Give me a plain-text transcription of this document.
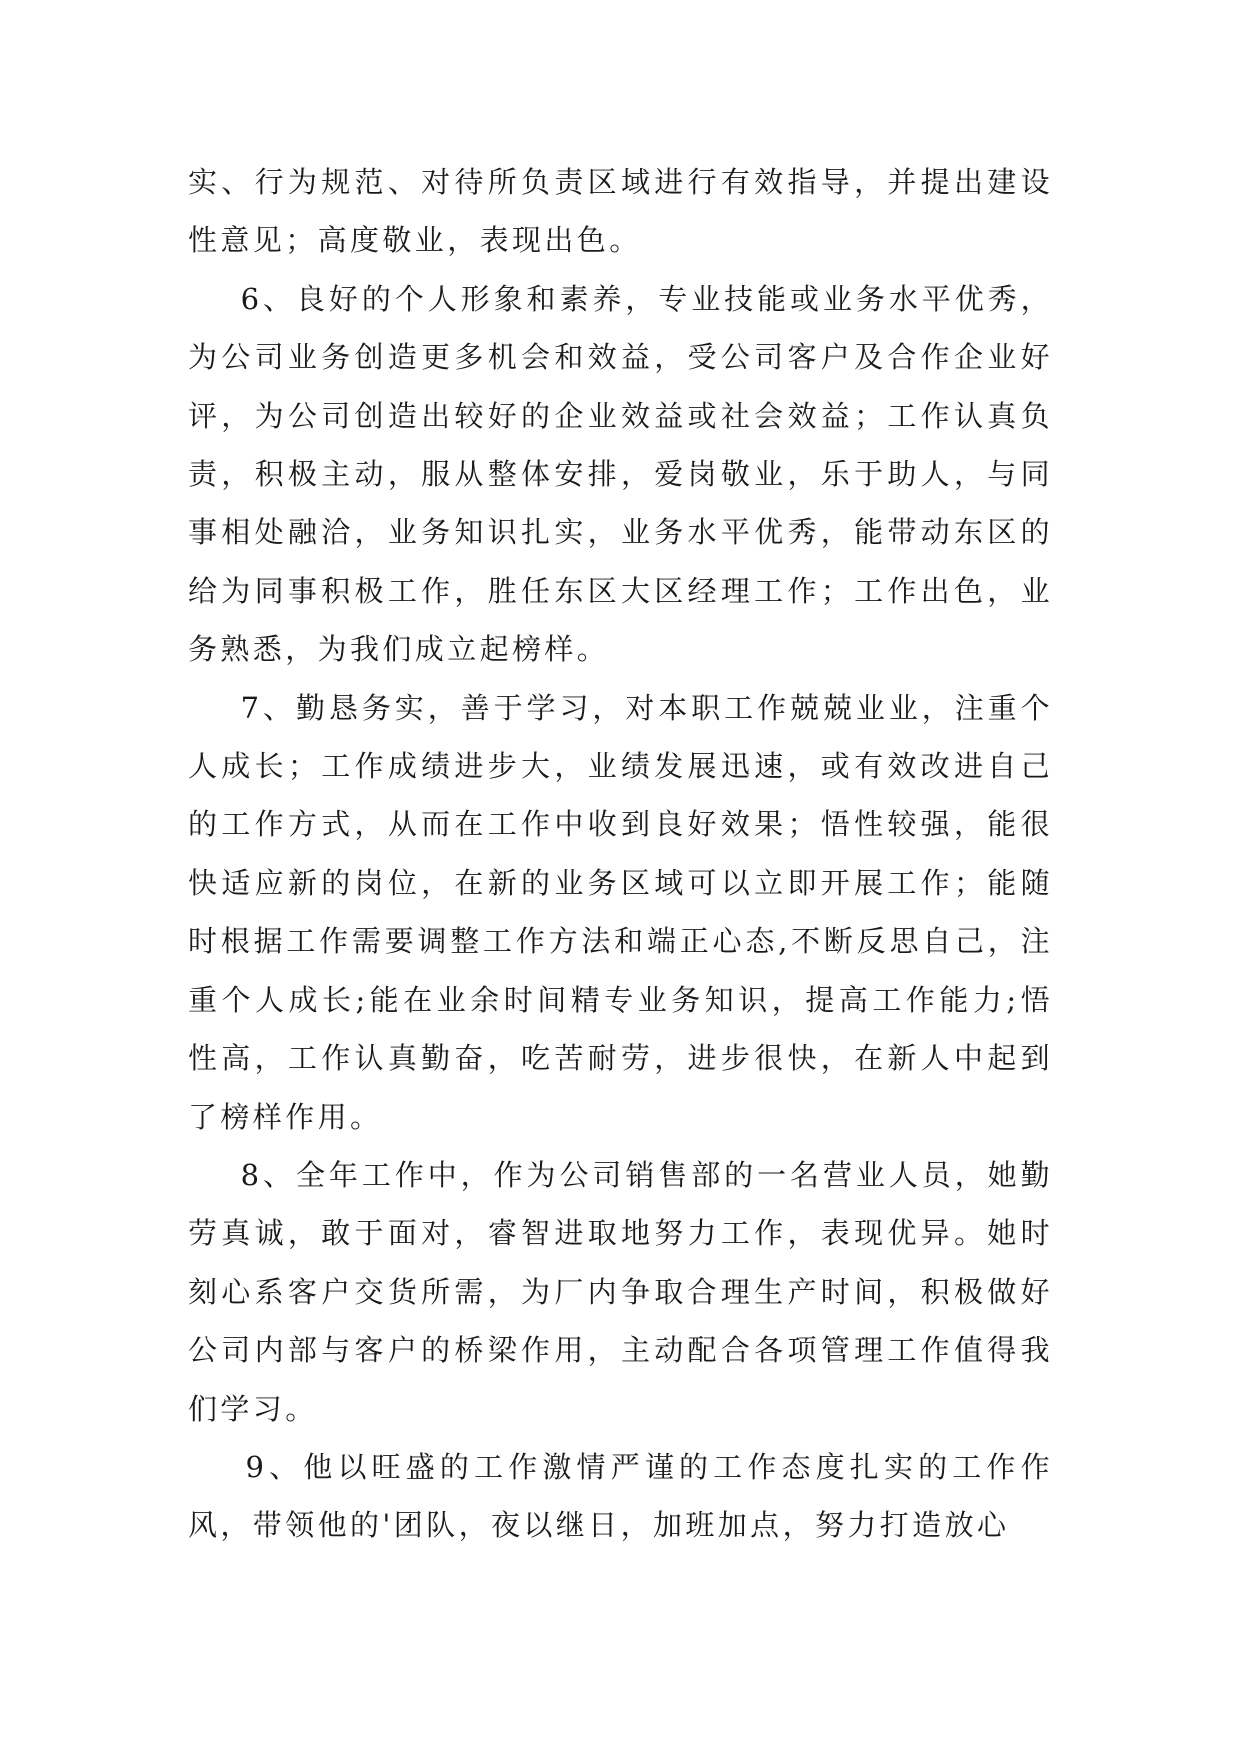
实、行为规范、对待所负责区域进行有效指导，并提出建设性意见；高度敬业，表现出色。

6、良好的个人形象和素养，专业技能或业务水平优秀，为公司业务创造更多机会和效益，受公司客户及合作企业好评，为公司创造出较好的企业效益或社会效益；工作认真负责，积极主动，服从整体安排，爱岗敬业，乐于助人，与同事相处融洽，业务知识扎实，业务水平优秀，能带动东区的给为同事积极工作，胜任东区大区经理工作；工作出色，业务熟悉，为我们成立起榜样。

7、勤恳务实，善于学习，对本职工作兢兢业业，注重个人成长；工作成绩进步大，业绩发展迅速，或有效改进自己的工作方式，从而在工作中收到良好效果；悟性较强，能很快适应新的岗位，在新的业务区域可以立即开展工作；能随时根据工作需要调整工作方法和端正心态,不断反思自己，注重个人成长;能在业余时间精专业务知识，提高工作能力;悟性高，工作认真勤奋，吃苦耐劳，进步很快，在新人中起到了榜样作用。

8、全年工作中，作为公司销售部的一名营业人员，她勤劳真诚，敢于面对，睿智进取地努力工作，表现优异。她时刻心系客户交货所需，为厂内争取合理生产时间，积极做好公司内部与客户的桥梁作用，主动配合各项管理工作值得我们学习。

9、他以旺盛的工作激情严谨的工作态度扎实的工作作风，带领他的'团队，夜以继日，加班加点，努力打造放心
